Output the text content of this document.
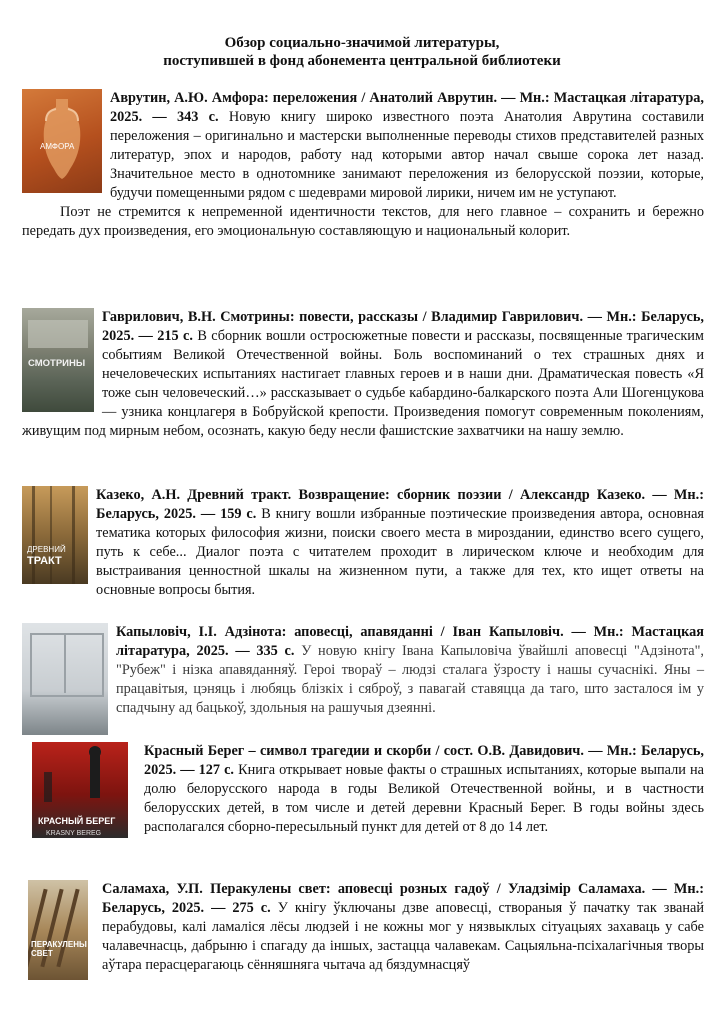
Обзор социально-значимой литературы,
поступившей в фонд абонемента центральной библиотеки
АМФОРА

Аврутин, А.Ю. Амфора: переложения / Анатолий Аврутин. — Мн.: Мастацкая літаратура, 2025. — 343 с. Новую книгу широко известного поэта Анатолия Аврутина составили переложения – оригинально и мастерски выполненные переводы стихов представителей разных литератур, эпох и народов, работу над которыми автор начал свыше сорока лет назад. Значительное место в однотомнике занимают переложения из белорусской поэзии, которые, будучи помещенными рядом с шедеврами мировой лирики, ничем им не уступают.

Поэт не стремится к непременной идентичности текстов, для него главное – сохранить и бережно передать дух произведения, его эмоциональную составляющую и национальный колорит.

СМОТРИНЫ

Гаврилович, В.Н. Смотрины: повести, рассказы / Владимир Гаврилович. — Мн.: Беларусь, 2025. — 215 с. В сборник вошли остросюжетные повести и рассказы, посвященные трагическим событиям Великой Отечественной войны. Боль воспоминаний о тех страшных днях и нечеловеческих испытаниях настигает главных героев и в наши дни. Драматическая повесть «Я тоже сын человеческий…» рассказывает о судьбе кабардино-балкарского поэта Али Шогенцукова — узника концлагеря в Бобруйской крепости. Произведения помогут современным поколениям, живущим под мирным небом, осознать, какую беду несли фашистские захватчики на нашу землю.

ДРЕВНИЙ
ТРАКТ

Казеко, А.Н. Древний тракт. Возвращение: сборник поэзии / Александр Казеко. — Мн.: Беларусь, 2025. — 159 с. В книгу вошли избранные поэтические произведения автора, основная тематика которых философия жизни, поиски своего места в мироздании, единство всего сущего, путь к себе... Диалог поэта с читателем проходит в лирическом ключе и необходим для выстраивания ценностной шкалы на жизненном пути, а также для тех, кто ищет ответы на основные вопросы бытия.

Капыловіч, І.І. Адзінота: аповесці, апавяданні / Іван Капыловіч. — Мн.: Мастацкая літаратура, 2025. — 335 с. У новую кнігу Івана Капыловіча ўвайшлі аповесці "Адзінота", "Рубеж" і нізка апавяданняў. Героі твораў – людзі сталага ўзросту і нашы сучаснікі. Яны – працавітыя, цэняць і любяць блізкіх і сяброў, з павагай ставяцца да таго, што засталося ім у спадчыну ад бацькоў, здольныя на рашучыя дзеянні.

КРАСНЫЙ БЕРЕГ
KRASNY BEREG

Красный Берег – символ трагедии и скорби / сост. О.В. Давидович. — Мн.: Беларусь, 2025. — 127 с. Книга открывает новые факты о страшных испытаниях, которые выпали на долю белорусского народа в годы Великой Отечественной войны, и в частности белорусских детей, в том числе и детей деревни Красный Берег. В годы войны здесь располагался сборно-пересыльный пункт для детей от 8 до 14 лет.

ПЕРАКУЛЕНЫ СВЕТ

Саламаха, У.П. Перакулены свет: аповесці розных гадоў / Уладзімір Саламаха. — Мн.: Беларусь, 2025. — 275 с. У кнігу ўключаны дзве аповесці, створаныя ў пачатку так званай перабудовы, калі ламаліся лёсы людзей і не кожны мог у нязвыклых сітуацыях захаваць у сабе чалавечнасць, дабрыню і спагаду да іншых, застацца чалавекам. Сацыяльна-псіхалагічныя творы аўтара перасцерагаюць сённяшняга чытача ад бяздумнасцяў
